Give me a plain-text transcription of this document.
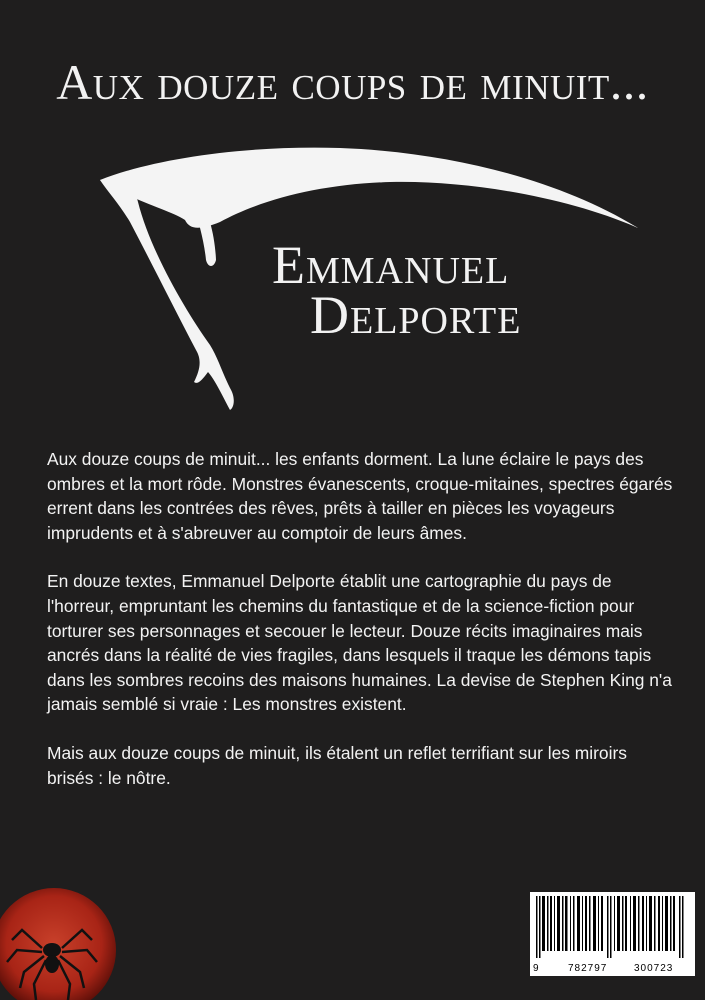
Aux douze coups de minuit...
Emmanuel
Delporte

Aux douze coups de minuit... les enfants dorment. La lune éclaire le pays des ombres et la mort rôde. Monstres évanescents, croque-mitaines, spectres égarés errent dans les contrées des rêves, prêts à tailler en pièces les voyageurs imprudents et à s'abreuver au comptoir de leurs âmes.

En douze textes, Emmanuel Delporte établit une cartographie du pays de l'horreur, empruntant les chemins du fantastique et de la science-fiction pour torturer ses personnages et secouer le lecteur. Douze récits imaginaires mais ancrés dans la réalité de vies fragiles, dans lesquels il traque les démons tapis dans les sombres recoins des maisons humaines. La devise de Stephen King n'a jamais semblé si vraie : Les monstres existent.

Mais aux douze coups de minuit, ils étalent un reflet terrifiant sur les miroirs brisés : le nôtre.

9	782797	300723
